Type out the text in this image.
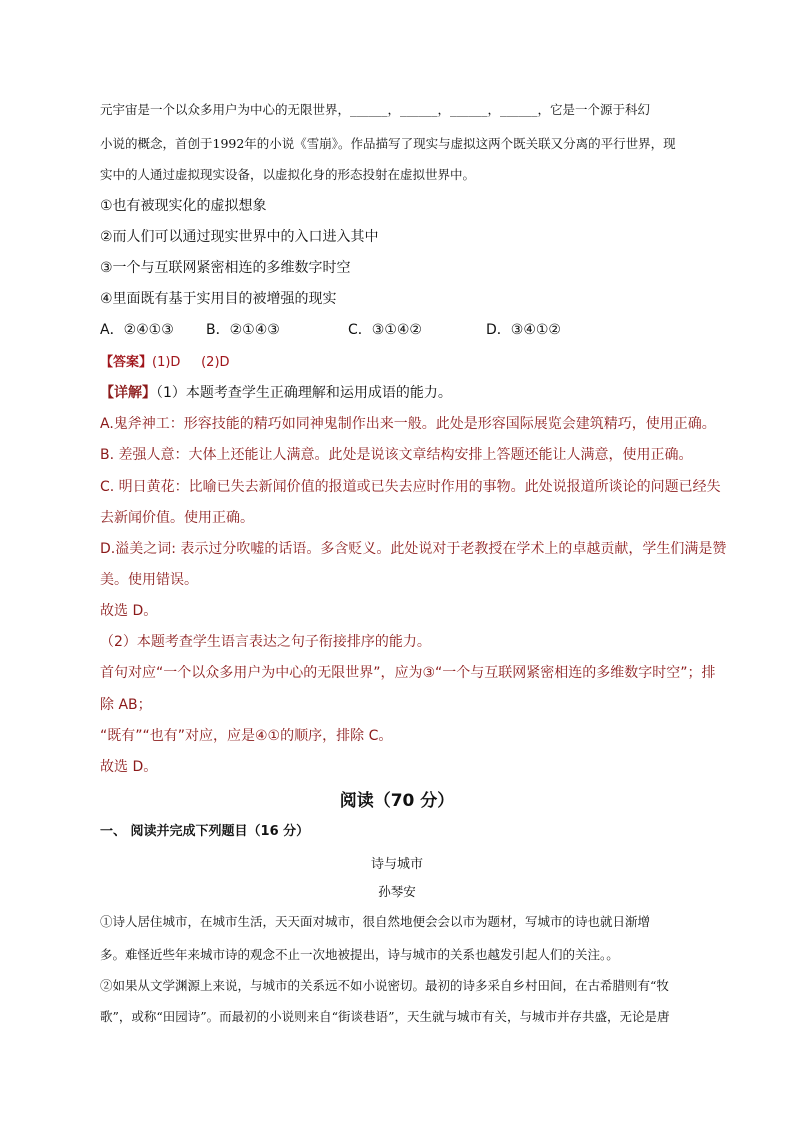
元宇宙是一个以众多用户为中心的无限世界，______，______，______，______，它是一个源于科幻
小说的概念，首创于1992年的小说《雪崩》。作品描写了现实与虚拟这两个既关联又分离的平行世界，现
实中的人通过虚拟现实设备，以虚拟化身的形态投射在虚拟世界中。
①也有被现实化的虚拟想象
②而人们可以通过现实世界中的入口进入其中
③一个与互联网紧密相连的多维数字时空
④里面既有基于实用目的被增强的现实
A．②④①③ B．②①④③	C．③①④②	D．③④①②
【答案】(1)D     (2)D
【详解】（1）本题考查学生正确理解和运用成语的能力。
A.鬼斧神工：形容技能的精巧如同神鬼制作出来一般。此处是形容国际展览会建筑精巧，使用正确。
B. 差强人意：大体上还能让人满意。此处是说该文章结构安排上答题还能让人满意，使用正确。
C. 明日黄花：比喻已失去新闻价值的报道或已失去应时作用的事物。此处说报道所谈论的问题已经失
去新闻价值。使用正确。
D.溢美之词: 表示过分吹嘘的话语。多含贬义。此处说对于老教授在学术上的卓越贡献，学生们满是赞
美。使用错误。
故选 D。
（2）本题考查学生语言表达之句子衔接排序的能力。
首句对应“一个以众多用户为中心的无限世界”，应为③“一个与互联网紧密相连的多维数字时空”；排
除 AB；
“既有”“也有”对应，应是④①的顺序，排除 C。
故选 D。
阅读（70 分）
一、 阅读并完成下列题目（16 分）
诗与城市
孙琴安
①诗人居住城市，在城市生活，天天面对城市，很自然地便会会以市为题材，写城市的诗也就日渐增
多。难怪近些年来城市诗的观念不止一次地被提出，诗与城市的关系也越发引起人们的关注。。
②如果从文学渊源上来说，与城市的关系远不如小说密切。最初的诗多采自乡村田间，在古希腊则有“牧
歌”，或称“田园诗”。而最初的小说则来自“街谈巷语”，天生就与城市有关，与城市并存共盛，无论是唐
